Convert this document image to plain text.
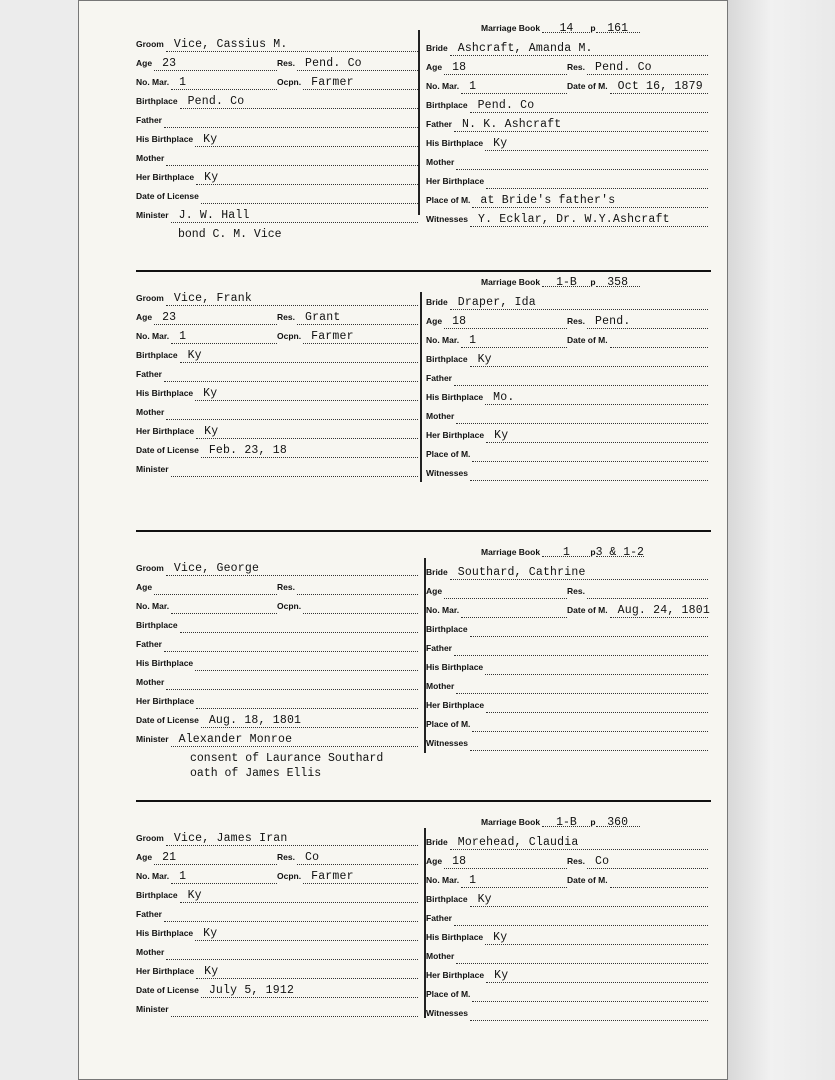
Groom Vice, Cassius M.
Age 23	Res. Pend. Co
No. Mar. 1	Ocpn. Farmer
Birthplace Pend. Co
Father
His Birthplace Ky
Mother
Her Birthplace Ky
Date of License
Minister J. W. Hall
Marriage Book 14 p 161
Bride Ashcraft, Amanda M.
Age 18	Res. Pend. Co
No. Mar. 1	Date of M. Oct 16, 1879
Birthplace Pend. Co
Father N. K. Ashcraft
His Birthplace Ky
Mother
Her Birthplace
Place of M. at Bride's father's
Witnesses Y. Ecklar, Dr. W.Y.Ashcraft
bond C. M. Vice
Groom Vice, Frank
Age 23	Res. Grant
No. Mar. 1	Ocpn. Farmer
Birthplace Ky
Father
His Birthplace Ky
Mother
Her Birthplace Ky
Date of License Feb. 23, 18
Minister
Marriage Book 1-B p 358
Bride Draper, Ida
Age 18	Res. Pend.
No. Mar. 1	Date of M.
Birthplace Ky
Father
His Birthplace Mo.
Mother
Her Birthplace Ky
Place of M.
Witnesses
Groom Vice, George
Age	Res.
No. Mar.	Ocpn.
Birthplace
Father
His Birthplace
Mother
Her Birthplace
Date of License Aug. 18, 1801
Minister Alexander Monroe
Marriage Book 1 p3 & 1-2
Bride Southard, Cathrine
Age	Res.
No. Mar.	Date of M. Aug. 24, 1801
Birthplace
Father
His Birthplace
Mother
Her Birthplace
Place of M.
Witnesses
consent of Laurance Southard
oath of James Ellis
Groom Vice, James Iran
Age 21	Res. Co
No. Mar. 1	Ocpn. Farmer
Birthplace Ky
Father
His Birthplace Ky
Mother
Her Birthplace Ky
Date of License July 5, 1912
Minister
Marriage Book 1-B p 360
Bride Morehead, Claudia
Age 18	Res. Co
No. Mar. 1	Date of M.
Birthplace Ky
Father
His Birthplace Ky
Mother
Her Birthplace Ky
Place of M.
Witnesses
